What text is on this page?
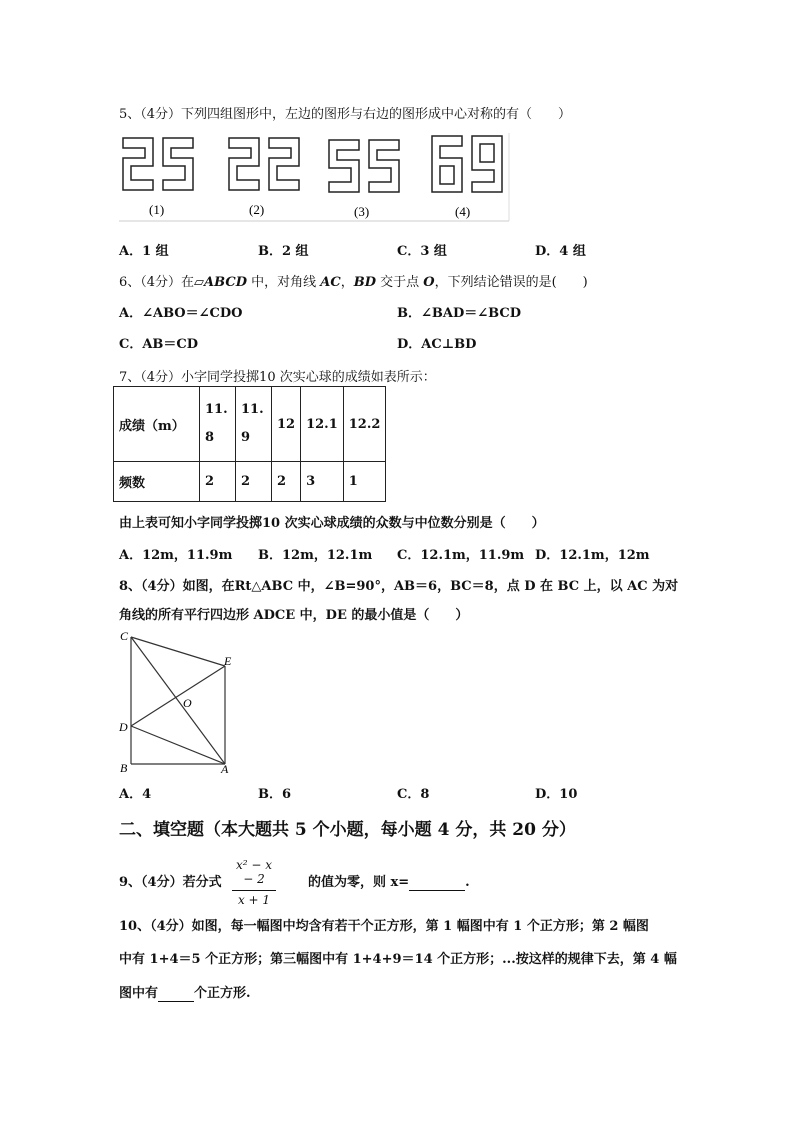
5、（4分）下列四组图形中，左边的图形与右边的图形成中心对称的有（　　）
(1)	(2)	(3)	(4)
A．1 组	B．2 组	C．3 组	D．4 组
6、（4分）在▱ABCD 中，对角线 AC，BD 交于点 O，下列结论错误的是(　　)
A．∠ABO＝∠CDO	B．∠BAD＝∠BCD
C．AB＝CD	D．AC⊥BD
7、（4分）小字同学投掷10 次实心球的成绩如表所示：
成绩（m）	11.8	11.9	12	12.1	12.2
频数	2	2	2	3	1
由上表可知小字同学投掷10 次实心球成绩的众数与中位数分别是（　　）
A．12m，11.9m B．12m，12.1m C．12.1m，11.9m D．12.1m，12m
8、（4分）如图，在Rt△ABC 中，∠B=90°，AB＝6，BC＝8，点 D 在 BC 上，以 AC 为对
角线的所有平行四边形 ADCE 中，DE 的最小值是（　　）
C
E
O
D
B	A
A．4	B．6	C．8	D．10
二、填空题（本大题共 5 个小题，每小题 4 分，共 20 分）
9、（4分）若分式
x² − x − 2
x + 1
的值为零，则 x=	.
10、（4分）如图，每一幅图中均含有若干个正方形，第 1 幅图中有 1 个正方形；第 2 幅图
中有 1+4＝5 个正方形；第三幅图中有 1+4+9＝14 个正方形；...按这样的规律下去，第 4 幅
图中有	个正方形.
